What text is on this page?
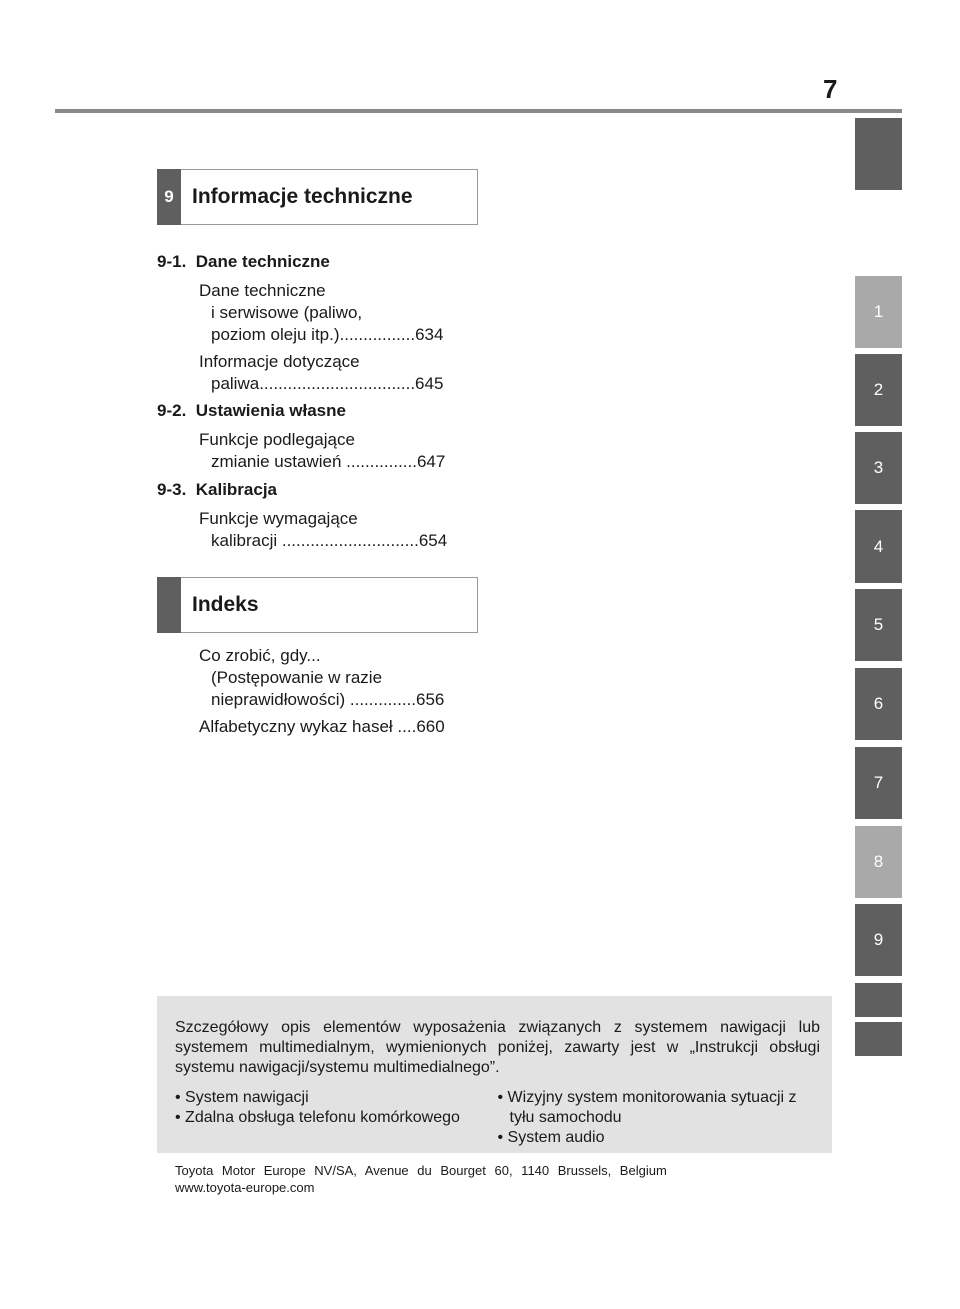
7
1
2
3
4
5
6
7
8
9
9 Informacje techniczne
9-1.  Dane techniczne
Dane techniczne
i serwisowe (paliwo,
poziom oleju itp.)................634
Informacje dotyczące
paliwa.................................645
9-2.  Ustawienia własne
Funkcje podlegające
zmianie ustawień ...............647
9-3.  Kalibracja
Funkcje wymagające
kalibracji .............................654
Indeks
Co zrobić, gdy...
(Postępowanie w razie
nieprawidłowości) ..............656
Alfabetyczny wykaz haseł ....660
Szczegółowy opis elementów wyposażenia związanych z systemem nawigacji lub systemem multimedialnym, wymienionych poniżej, zawarty jest w „Instrukcji obsługi systemu nawigacji/systemu multimedialnego”.
• System nawigacji
• Zdalna obsługa telefonu komórkowego
• Wizyjny system monitorowania sytuacji z tyłu samochodu
• System audio
Toyota Motor Europe NV/SA, Avenue du Bourget 60, 1140 Brussels, Belgium
www.toyota-europe.com
